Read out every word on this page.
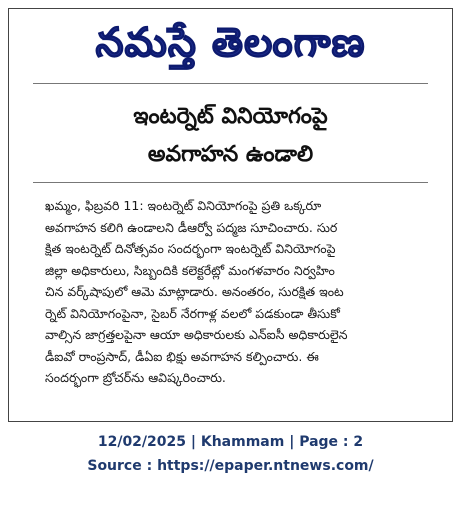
నమస్తే తెలంగాణ
ఇంటర్నెట్ వినియోగంపై
అవగాహన ఉండాలి
ఖమ్మం, ఫిబ్రవరి 11: ఇంటర్నెట్ వినియోగంపై ప్రతి ఒక్కరూ
అవగాహన కలిగి ఉండాలని డీఆర్వో పద్మజ సూచించారు. సుర
క్షిత ఇంటర్నెట్ దినోత్సవం సందర్భంగా ఇంటర్నెట్ వినియోగంపై
జిల్లా అధికారులు, సిబ్బందికి కలెక్టరేట్లో మంగళవారం నిర్వహిం
చిన వర్క్‌షాపులో ఆమె మాట్లాడారు. అనంతరం, సురక్షిత ఇంట
ర్నెట్ వినియోగంపైనా, సైబర్ నేరగాళ్ల వలలో పడకుండా తీసుకో
వాల్సిన జాగ్రత్తలపైనా ఆయా అధికారులకు ఎన్ఐసీ అధికారులైన
డీఐవో రాంప్రసాద్, డీఏఐ భిక్షు అవగాహన కల్పించారు. ఈ
సందర్భంగా బ్రోచర్‌ను ఆవిష్కరించారు.
12/02/2025 | Khammam | Page : 2
Source : https://epaper.ntnews.com/
